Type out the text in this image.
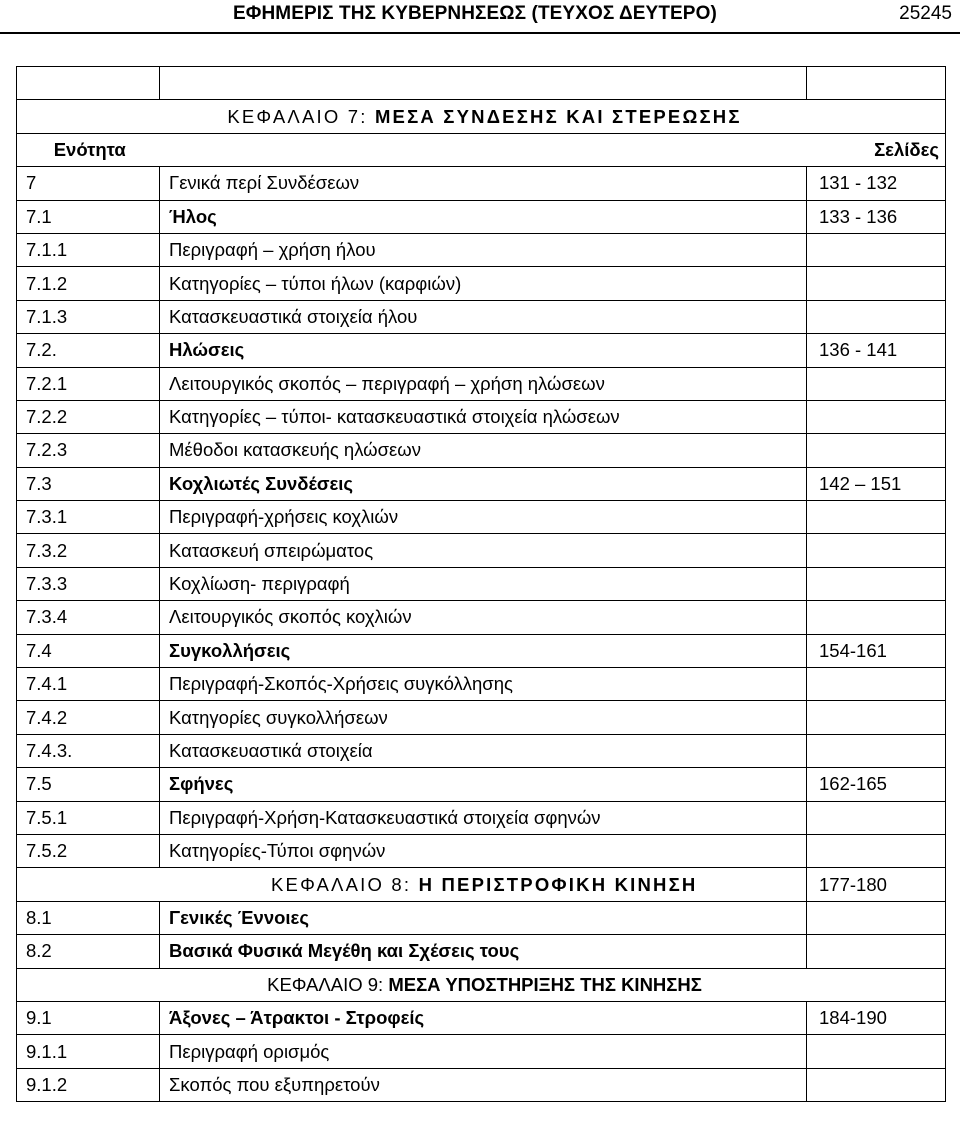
ΕΦΗΜΕΡΙΣ ΤΗΣ ΚΥΒΕΡΝΗΣΕΩΣ (ΤΕΥΧΟΣ ΔΕΥΤΕΡΟ)	25245

	ΚΕΦΑΛΑΙΟ 7: ΜΕΣΑ ΣΥΝΔΕΣΗΣ ΚΑΙ ΣΤΕΡΕΩΣΗΣ	
Ενότητα		Σελίδες
7	Γενικά περί Συνδέσεων	131 - 132
7.1	Ήλος	133 - 136
7.1.1	Περιγραφή – χρήση ήλου	
7.1.2	Κατηγορίες – τύποι ήλων (καρφιών)	
7.1.3	Κατασκευαστικά στοιχεία ήλου	
7.2.	Ηλώσεις	136 - 141
7.2.1	Λειτουργικός σκοπός – περιγραφή – χρήση ηλώσεων	
7.2.2	Κατηγορίες – τύποι- κατασκευαστικά στοιχεία ηλώσεων	
7.2.3	Μέθοδοι κατασκευής ηλώσεων	
7.3	Κοχλιωτές Συνδέσεις	142 – 151
7.3.1	Περιγραφή-χρήσεις κοχλιών	
7.3.2	Κατασκευή σπειρώματος	
7.3.3	Κοχλίωση- περιγραφή	
7.3.4	Λειτουργικός σκοπός κοχλιών	
7.4	Συγκολλήσεις	154-161
7.4.1	Περιγραφή-Σκοπός-Χρήσεις συγκόλλησης	
7.4.2	Κατηγορίες συγκολλήσεων	
7.4.3.	Κατασκευαστικά στοιχεία	
7.5	Σφήνες	162-165
7.5.1	Περιγραφή-Χρήση-Κατασκευαστικά στοιχεία σφηνών	
7.5.2	Κατηγορίες-Τύποι σφηνών	
	ΚΕΦΑΛΑΙΟ 8: Η ΠΕΡΙΣΤΡΟΦΙΚΗ ΚΙΝΗΣΗ	177-180
8.1	Γενικές Έννοιες	
8.2	Βασικά Φυσικά Μεγέθη και Σχέσεις τους	
	ΚΕΦΑΛΑΙΟ 9: ΜΕΣΑ ΥΠΟΣΤΗΡΙΞΗΣ ΤΗΣ ΚΙΝΗΣΗΣ	
9.1	Άξονες – Άτρακτοι - Στροφείς	184-190
9.1.1	Περιγραφή ορισμός	
9.1.2	Σκοπός που εξυπηρετούν	
